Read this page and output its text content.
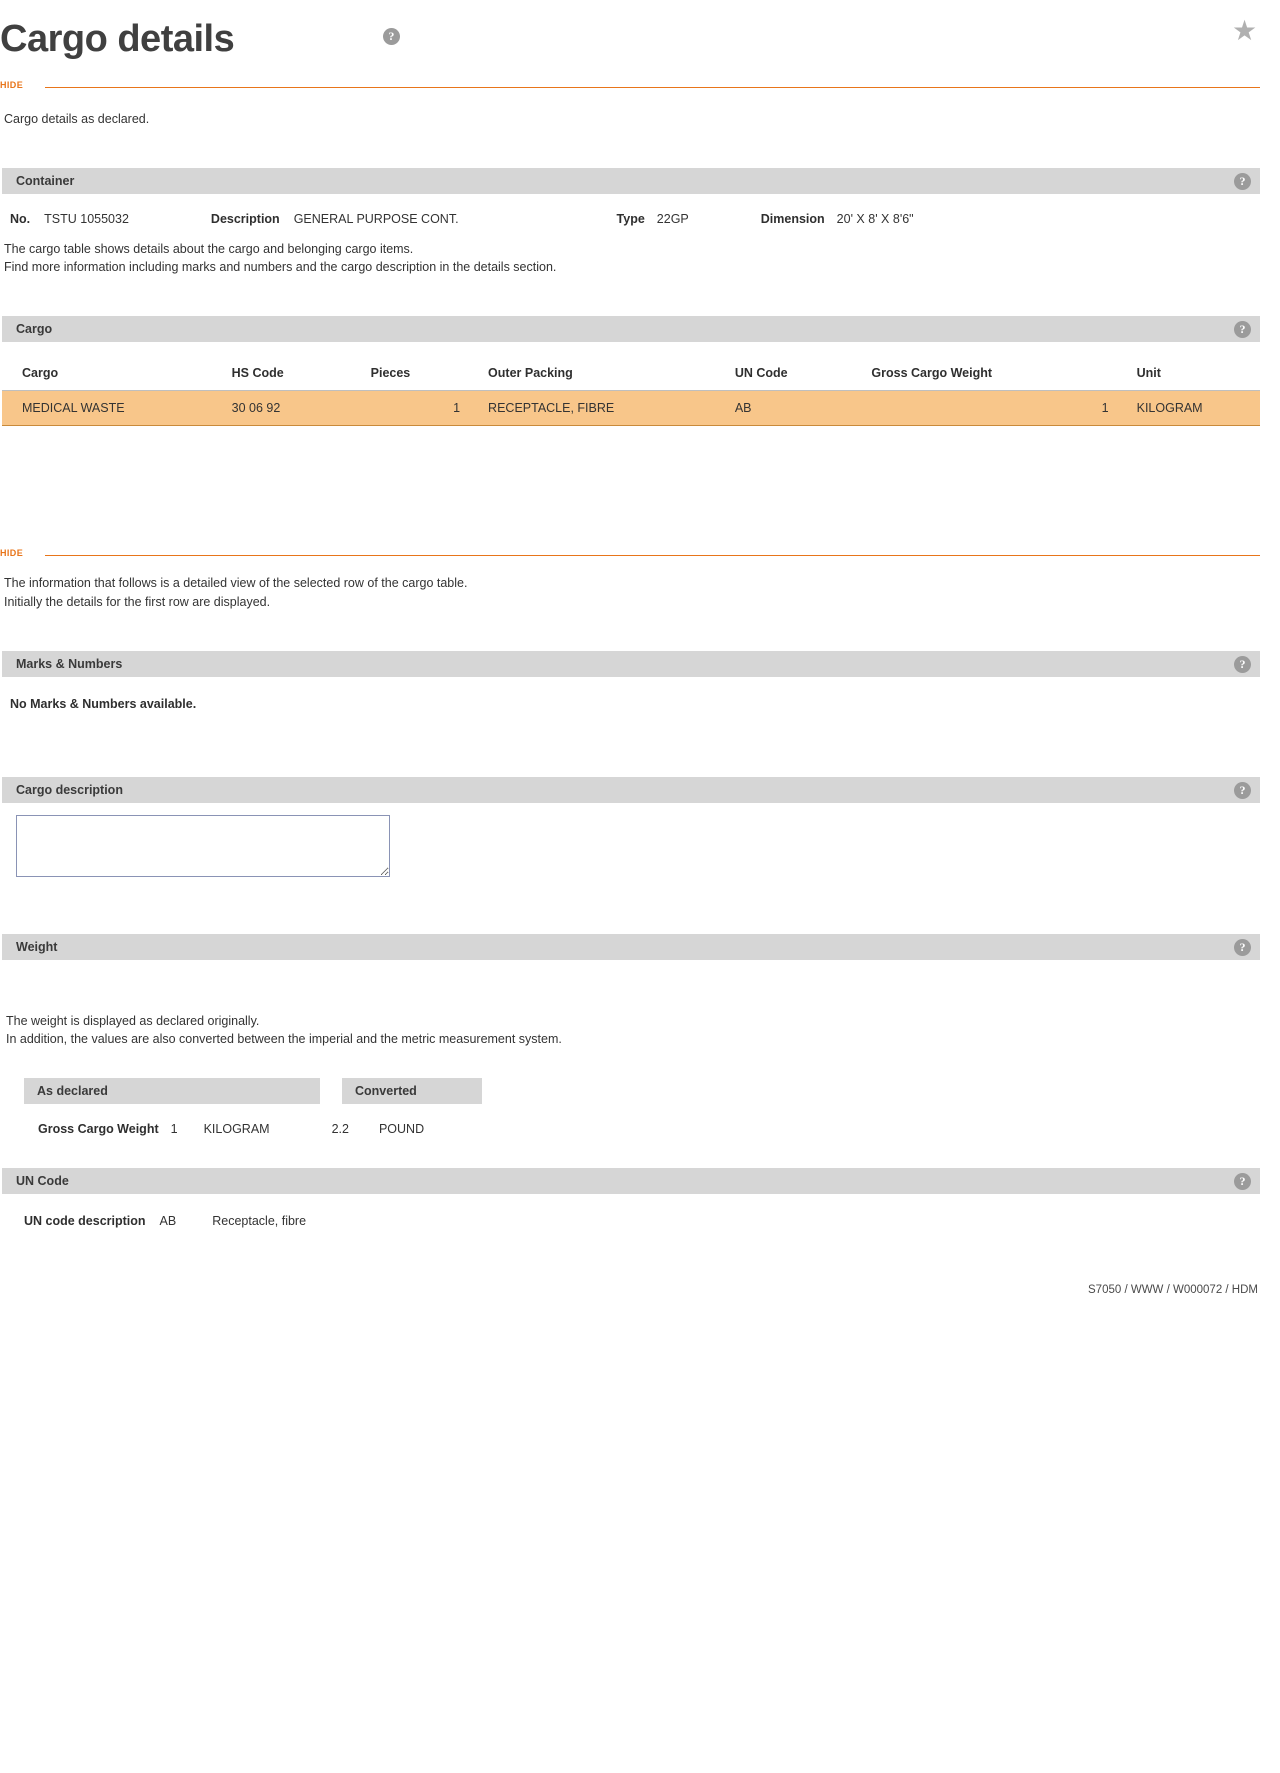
Cargo details	?	★
HIDE
Cargo details as declared.
Container	?
No. TSTU 1055032	Description GENERAL PURPOSE CONT.	Type 22GP	Dimension 20' X 8' X 8'6"
The cargo table shows details about the cargo and belonging cargo items.
Find more information including marks and numbers and the cargo description in the details section.
Cargo	?
Cargo	HS Code	Pieces	Outer Packing	UN Code	Gross Cargo Weight	Unit
MEDICAL WASTE	30 06 92	1	RECEPTACLE, FIBRE	AB	1	KILOGRAM
HIDE
The information that follows is a detailed view of the selected row of the cargo table.
Initially the details for the first row are displayed.
Marks & Numbers	?
No Marks & Numbers available.
Cargo description	?
Weight	?
The weight is displayed as declared originally.
In addition, the values are also converted between the imperial and the metric measurement system.
As declared	Converted
Gross Cargo Weight 1 KILOGRAM	2.2 POUND
UN Code	?
UN code description AB	Receptacle, fibre
S7050 / WWW / W000072 / HDM
